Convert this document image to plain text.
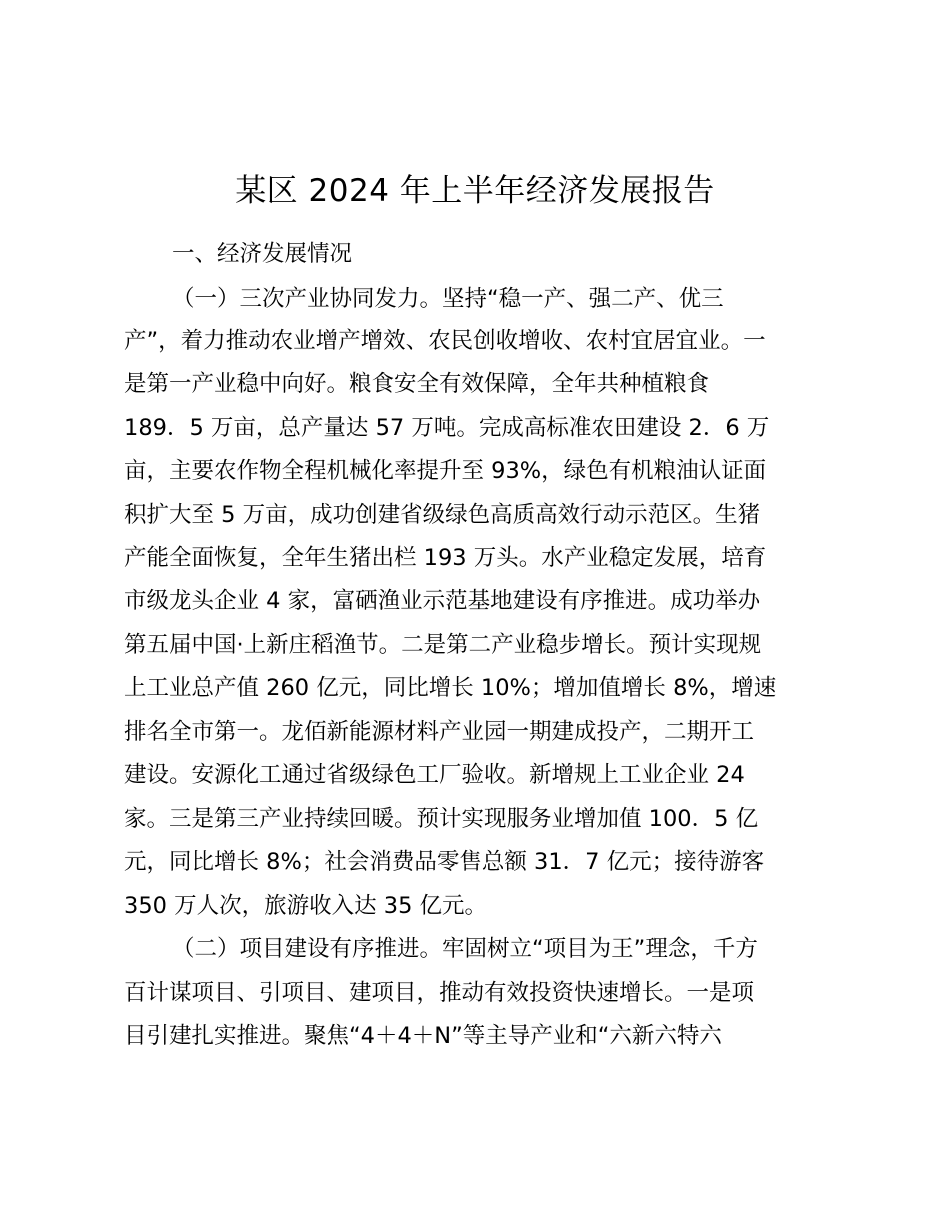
某区 2024 年上半年经济发展报告

一、经济发展情况

（一）三次产业协同发力。坚持“稳一产、强二产、优三

产”，着力推动农业增产增效、农民创收增收、农村宜居宜业。一

是第一产业稳中向好。粮食安全有效保障，全年共种植粮食

189．5 万亩，总产量达 57 万吨。完成高标准农田建设 2．6 万

亩，主要农作物全程机械化率提升至 93%，绿色有机粮油认证面

积扩大至 5 万亩，成功创建省级绿色高质高效行动示范区。生猪

产能全面恢复，全年生猪出栏 193 万头。水产业稳定发展，培育

市级龙头企业 4 家，富硒渔业示范基地建设有序推进。成功举办

第五届中国·上新庄稻渔节。二是第二产业稳步增长。预计实现规

上工业总产值 260 亿元，同比增长 10%；增加值增长 8%，增速

排名全市第一。龙佰新能源材料产业园一期建成投产，二期开工

建设。安源化工通过省级绿色工厂验收。新增规上工业企业 24

家。三是第三产业持续回暖。预计实现服务业增加值 100．5 亿

元，同比增长 8%；社会消费品零售总额 31．7 亿元；接待游客

350 万人次，旅游收入达 35 亿元。

（二）项目建设有序推进。牢固树立“项目为王”理念，千方

百计谋项目、引项目、建项目，推动有效投资快速增长。一是项

目引建扎实推进。聚焦“4＋4＋N”等主导产业和“六新六特六
